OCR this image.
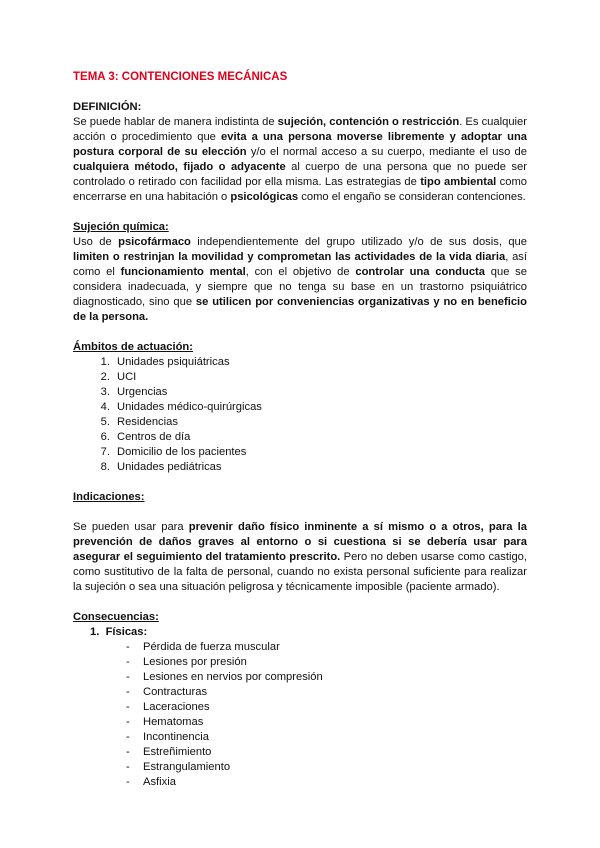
TEMA 3: CONTENCIONES MECÁNICAS

DEFINICIÓN:

Se puede hablar de manera indistinta de sujeción, contención o restricción. Es cualquier acción o procedimiento que evita a una persona moverse libremente y adoptar una postura corporal de su elección y/o el normal acceso a su cuerpo, mediante el uso de cualquiera método, fijado o adyacente al cuerpo de una persona que no puede ser controlado o retirado con facilidad por ella misma. Las estrategias de tipo ambiental como encerrarse en una habitación o psicológicas como el engaño se consideran contenciones.

Sujeción química:

Uso de psicofármaco independientemente del grupo utilizado y/o de sus dosis, que limiten o restrinjan la movilidad y comprometan las actividades de la vida diaria, así como el funcionamiento mental, con el objetivo de controlar una conducta que se considera inadecuada, y siempre que no tenga su base en un trastorno psiquiátrico diagnosticado, sino que se utilicen por conveniencias organizativas y no en beneficio de la persona.

Ámbitos de actuación:

1. Unidades psiquiátricas
2. UCI
3. Urgencias
4. Unidades médico-quirúrgicas
5. Residencias
6. Centros de día
7. Domicilio de los pacientes
8. Unidades pediátricas

Indicaciones:

Se pueden usar para prevenir daño físico inminente a sí mismo o a otros, para la prevención de daños graves al entorno o si cuestiona si se debería usar para asegurar el seguimiento del tratamiento prescrito. Pero no deben usarse como castigo, como sustitutivo de la falta de personal, cuando no exista personal suficiente para realizar la sujeción o sea una situación peligrosa y técnicamente imposible (paciente armado).

Consecuencias:

1. Físicas:

- Pérdida de fuerza muscular
- Lesiones por presión
- Lesiones en nervios por compresión
- Contracturas
- Laceraciones
- Hematomas
- Incontinencia
- Estreñimiento
- Estrangulamiento
- Asfixia
